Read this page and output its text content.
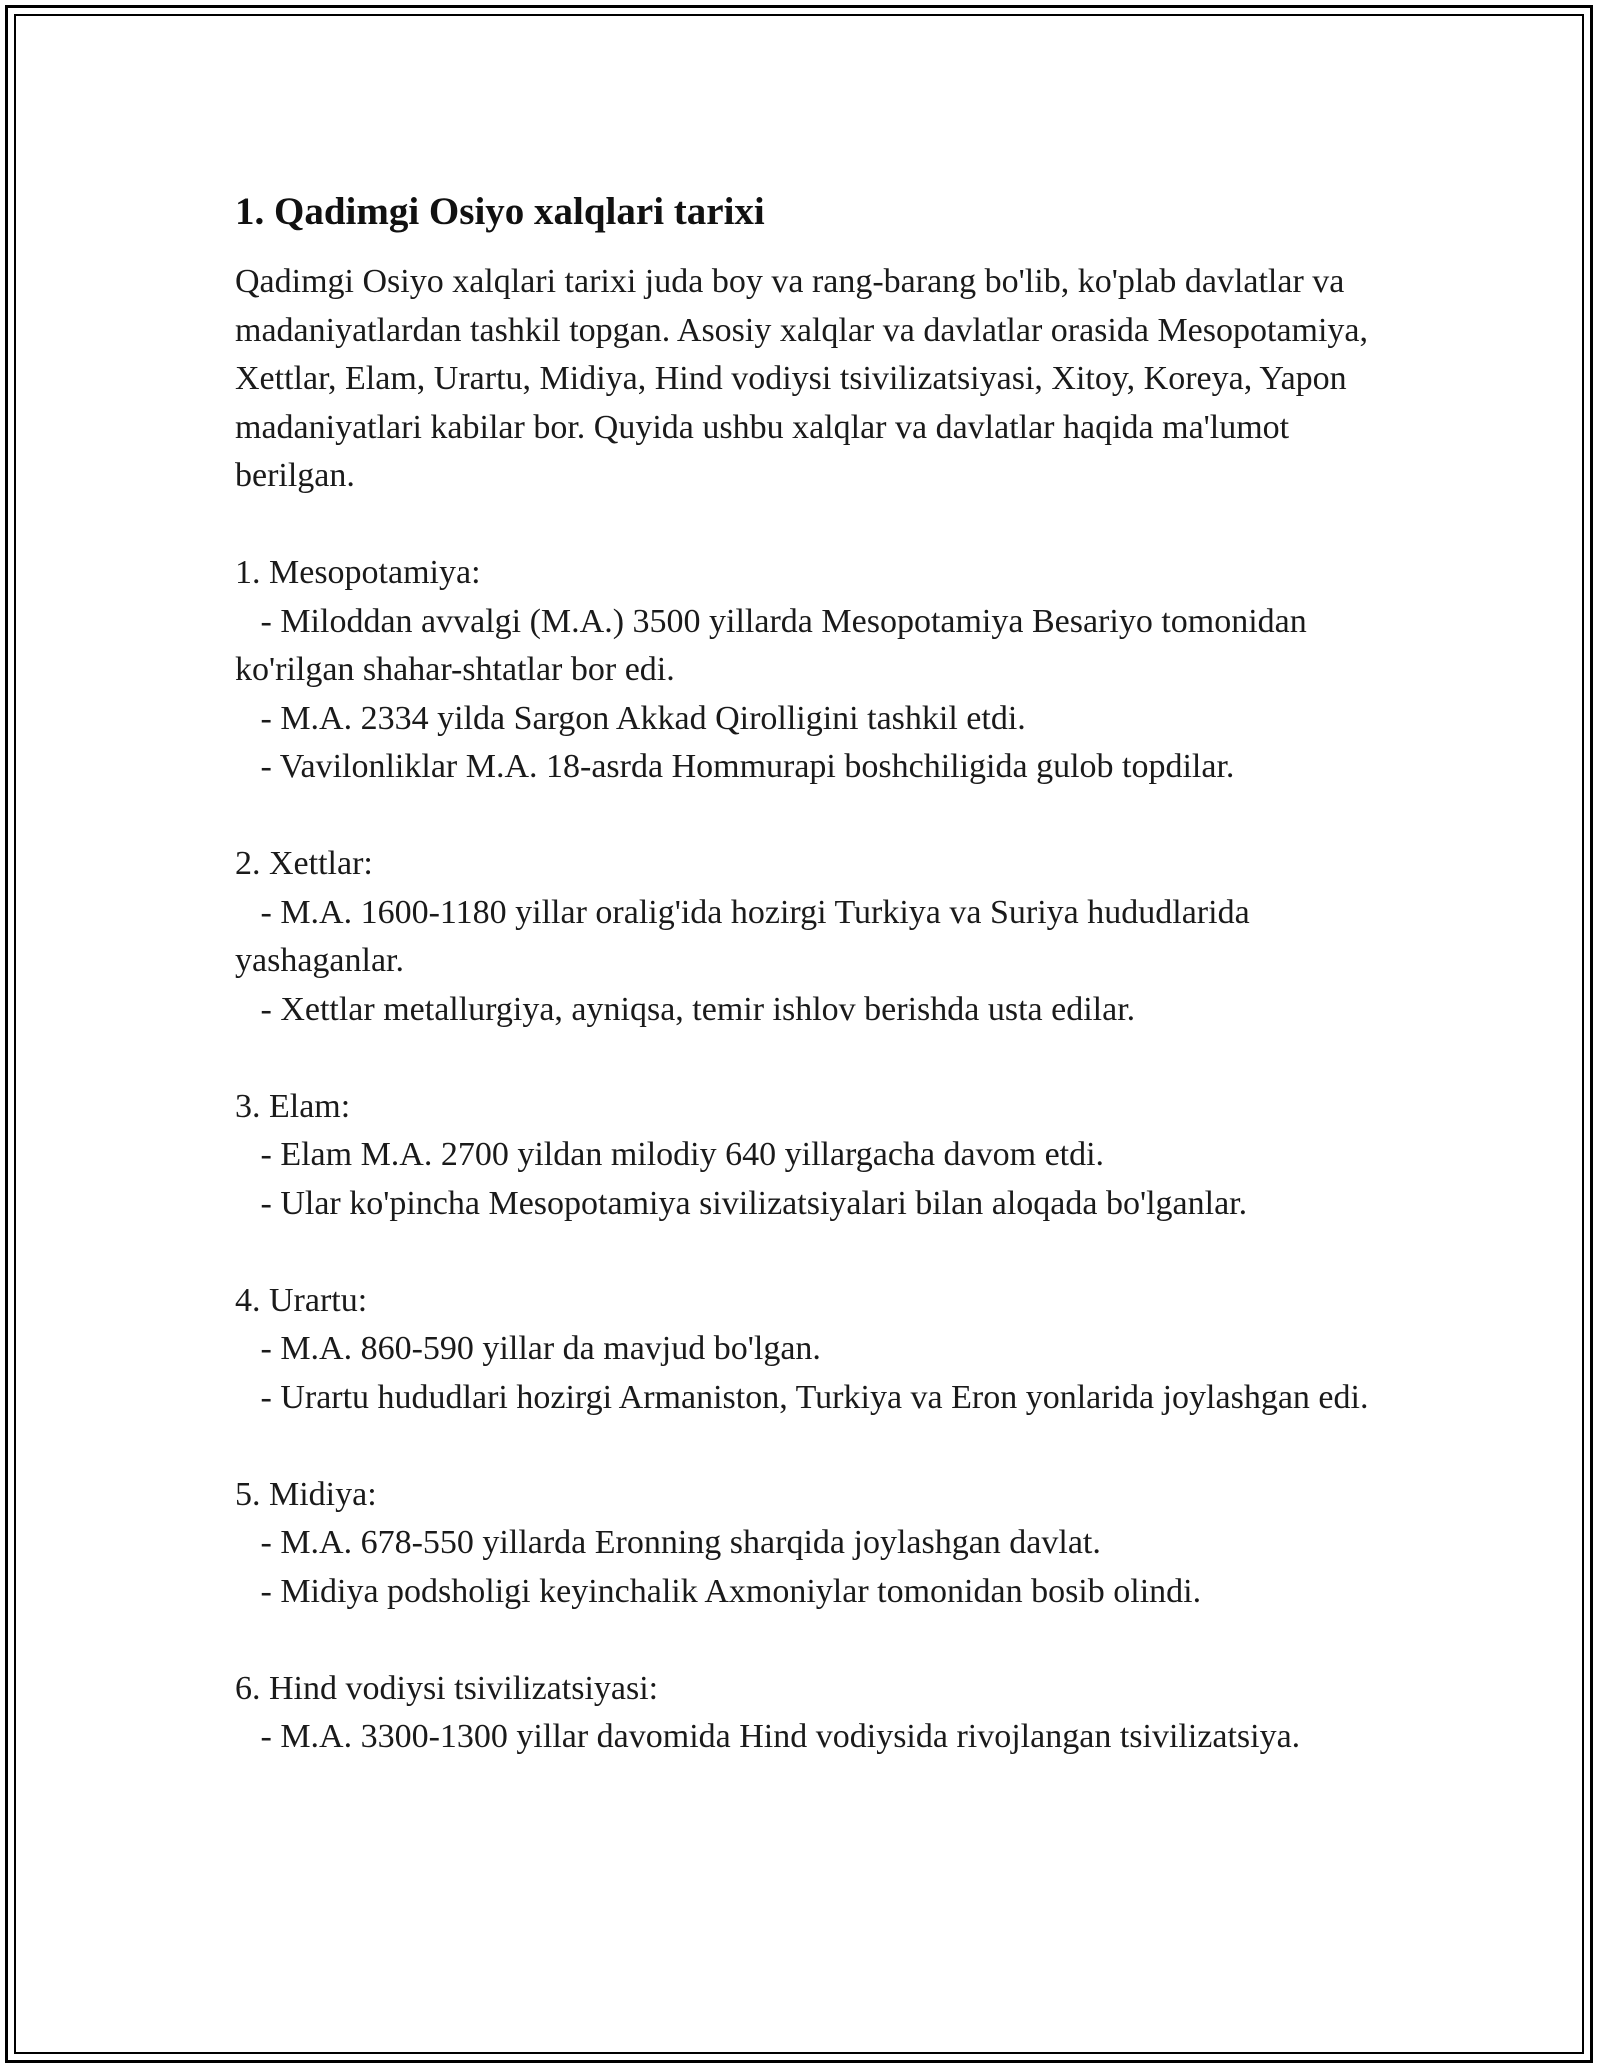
1. Qadimgi Osiyo xalqlari tarixi

Qadimgi Osiyo xalqlari tarixi juda boy va rang-barang bo'lib, ko'plab davlatlar va madaniyatlardan tashkil topgan. Asosiy xalqlar va davlatlar orasida Mesopotamiya, Xettlar, Elam, Urartu, Midiya, Hind vodiysi tsivilizatsiyasi, Xitoy, Koreya, Yapon madaniyatlari kabilar bor. Quyida ushbu xalqlar va davlatlar haqida ma'lumot berilgan.

1. Mesopotamiya:

- Miloddan avvalgi (M.A.) 3500 yillarda Mesopotamiya Besariyo tomonidan ko'rilgan shahar-shtatlar bor edi.

- M.A. 2334 yilda Sargon Akkad Qirolligini tashkil etdi.

- Vavilonliklar M.A. 18-asrda Hommurapi boshchiligida gulob topdilar.

2. Xettlar:

- M.A. 1600-1180 yillar oralig'ida hozirgi Turkiya va Suriya hududlarida yashaganlar.

- Xettlar metallurgiya, ayniqsa, temir ishlov berishda usta edilar.

3. Elam:

- Elam M.A. 2700 yildan milodiy 640 yillargacha davom etdi.

- Ular ko'pincha Mesopotamiya sivilizatsiyalari bilan aloqada bo'lganlar.

4. Urartu:

- M.A. 860-590 yillar da mavjud bo'lgan.

- Urartu hududlari hozirgi Armaniston, Turkiya va Eron yonlarida joylashgan edi.

5. Midiya:

- M.A. 678-550 yillarda Eronning sharqida joylashgan davlat.

- Midiya podsholigi keyinchalik Axmoniylar tomonidan bosib olindi.

6. Hind vodiysi tsivilizatsiyasi:

- M.A. 3300-1300 yillar davomida Hind vodiysida rivojlangan tsivilizatsiya.
